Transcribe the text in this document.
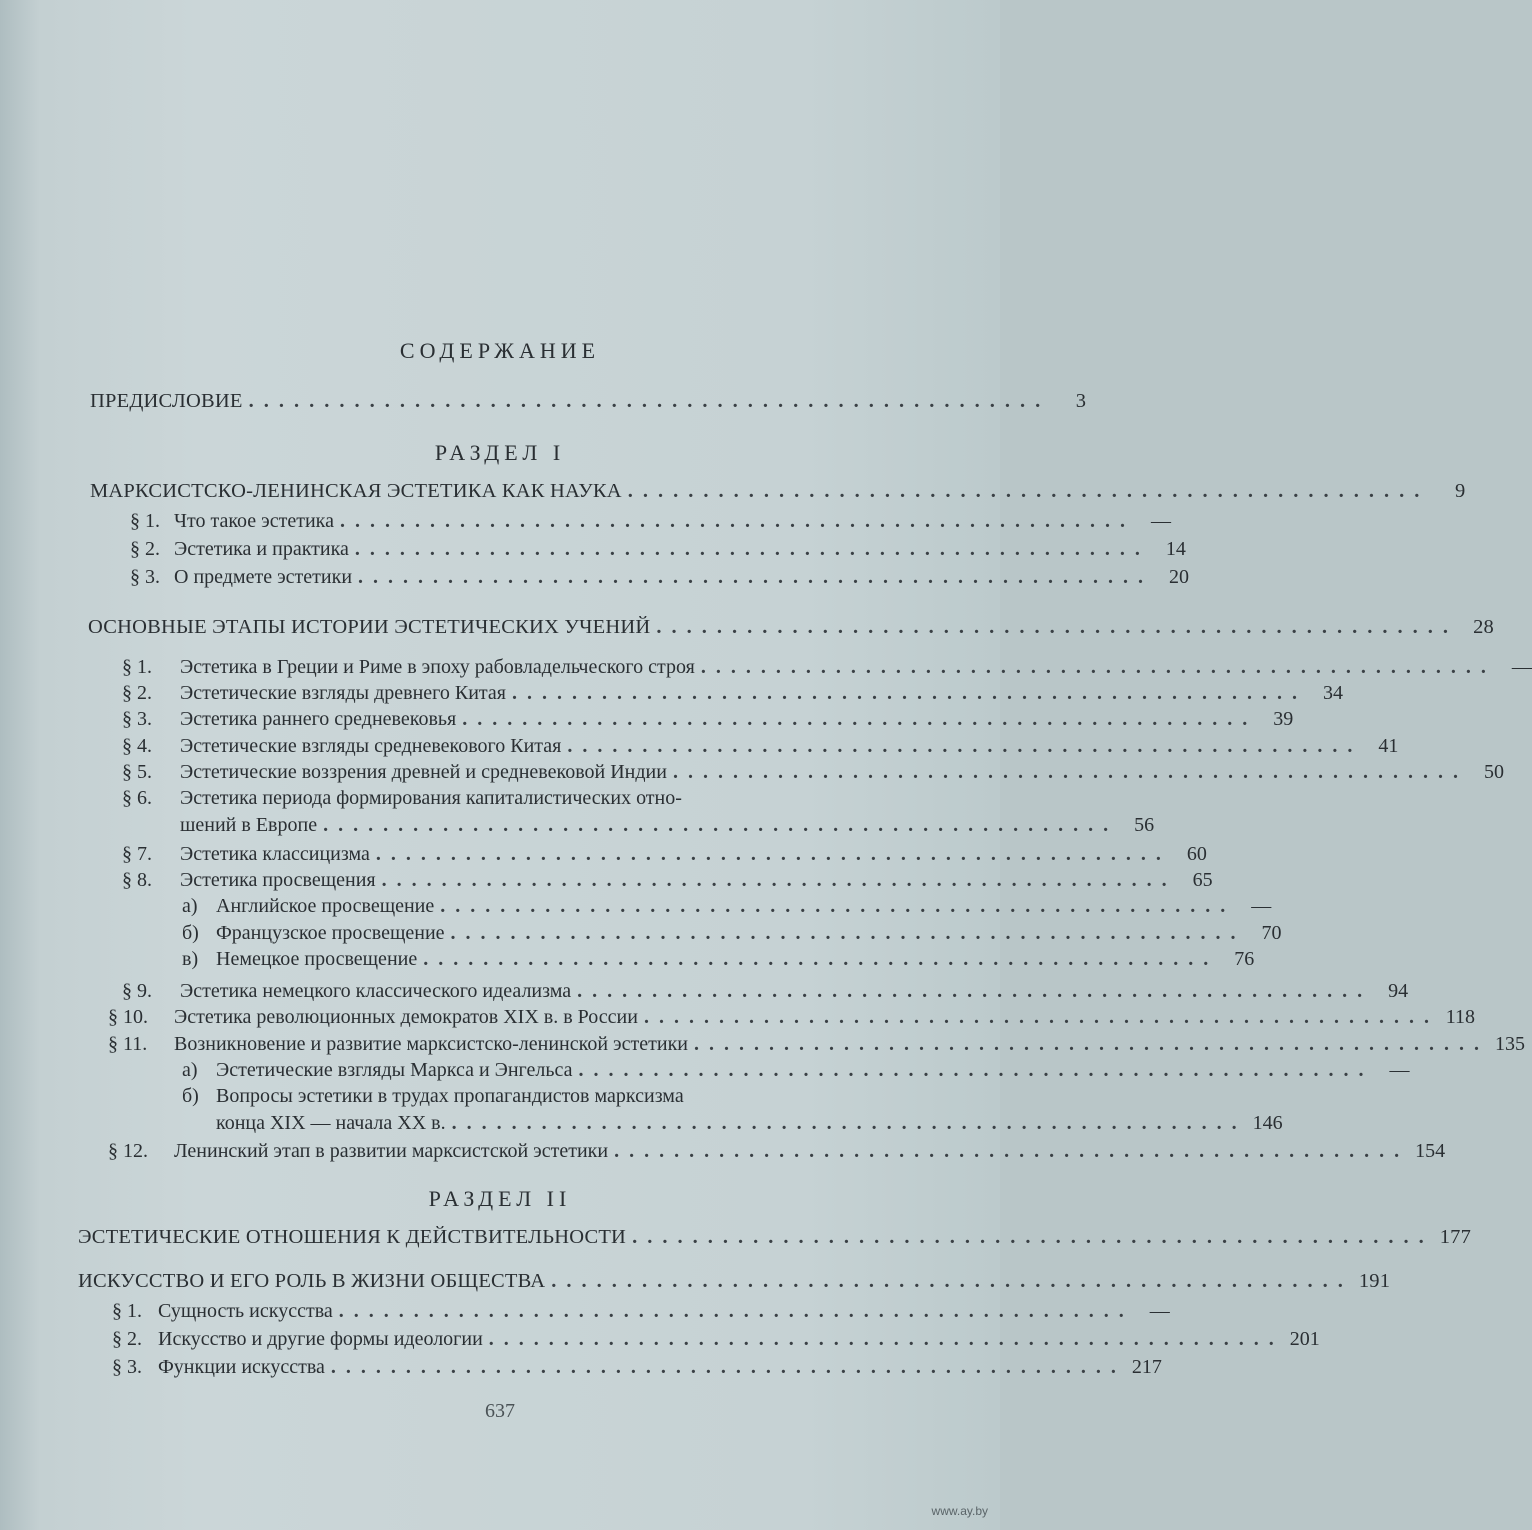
СОДЕРЖАНИЕ
ПРЕДИСЛОВИЕ .....................................................	3
РАЗДЕЛ I
МАРКСИСТСКО-ЛЕНИНСКАЯ ЭСТЕТИКА КАК НАУКА .....................................................	9
§ 1. Что такое эстетика ..................................................... —
§ 2. Эстетика и практика ..................................................... 14
§ 3. О предмете эстетики ..................................................... 20
ОСНОВНЫЕ ЭТАПЫ ИСТОРИИ ЭСТЕТИЧЕСКИХ УЧЕНИЙ ..................................................... 28
§ 1.	Эстетика в Греции и Риме в эпоху рабовладельческого строя ..................................................... —
§ 2.	Эстетические взгляды древнего Китая ..................................................... 34
§ 3.	Эстетика раннего средневековья ..................................................... 39
§ 4.	Эстетические взгляды средневекового Китая ..................................................... 41
§ 5.	Эстетические воззрения древней и средневековой Индии ..................................................... 50
§ 6.	Эстетика периода формирования капиталистических отно-
шений в Европе ..................................................... 56
§ 7.	Эстетика классицизма ..................................................... 60
§ 8.	Эстетика просвещения ..................................................... 65
а) Английское просвещение ..................................................... —
б) Французское просвещение ..................................................... 70
в) Немецкое просвещение ..................................................... 76
§ 9.	Эстетика немецкого классического идеализма ..................................................... 94
§ 10.	Эстетика революционных демократов XIX в. в России ..................................................... 118
§ 11.	Возникновение и развитие марксистско-ленинской эстетики ..................................................... 135
а) Эстетические взгляды Маркса и Энгельса ..................................................... —
б) Вопросы эстетики в трудах пропагандистов марксизма
конца XIX — начала XX в. ..................................................... 146
§ 12.	Ленинский этап в развитии марксистской эстетики ..................................................... 154
РАЗДЕЛ II
ЭСТЕТИЧЕСКИЕ ОТНОШЕНИЯ К ДЕЙСТВИТЕЛЬНОСТИ ..................................................... 177
ИСКУССТВО И ЕГО РОЛЬ В ЖИЗНИ ОБЩЕСТВА ..................................................... 191
§ 1. Сущность искусства ..................................................... —
§ 2. Искусство и другие формы идеологии ..................................................... 201
§ 3. Функции искусства ..................................................... 217
637
www.ay.by
